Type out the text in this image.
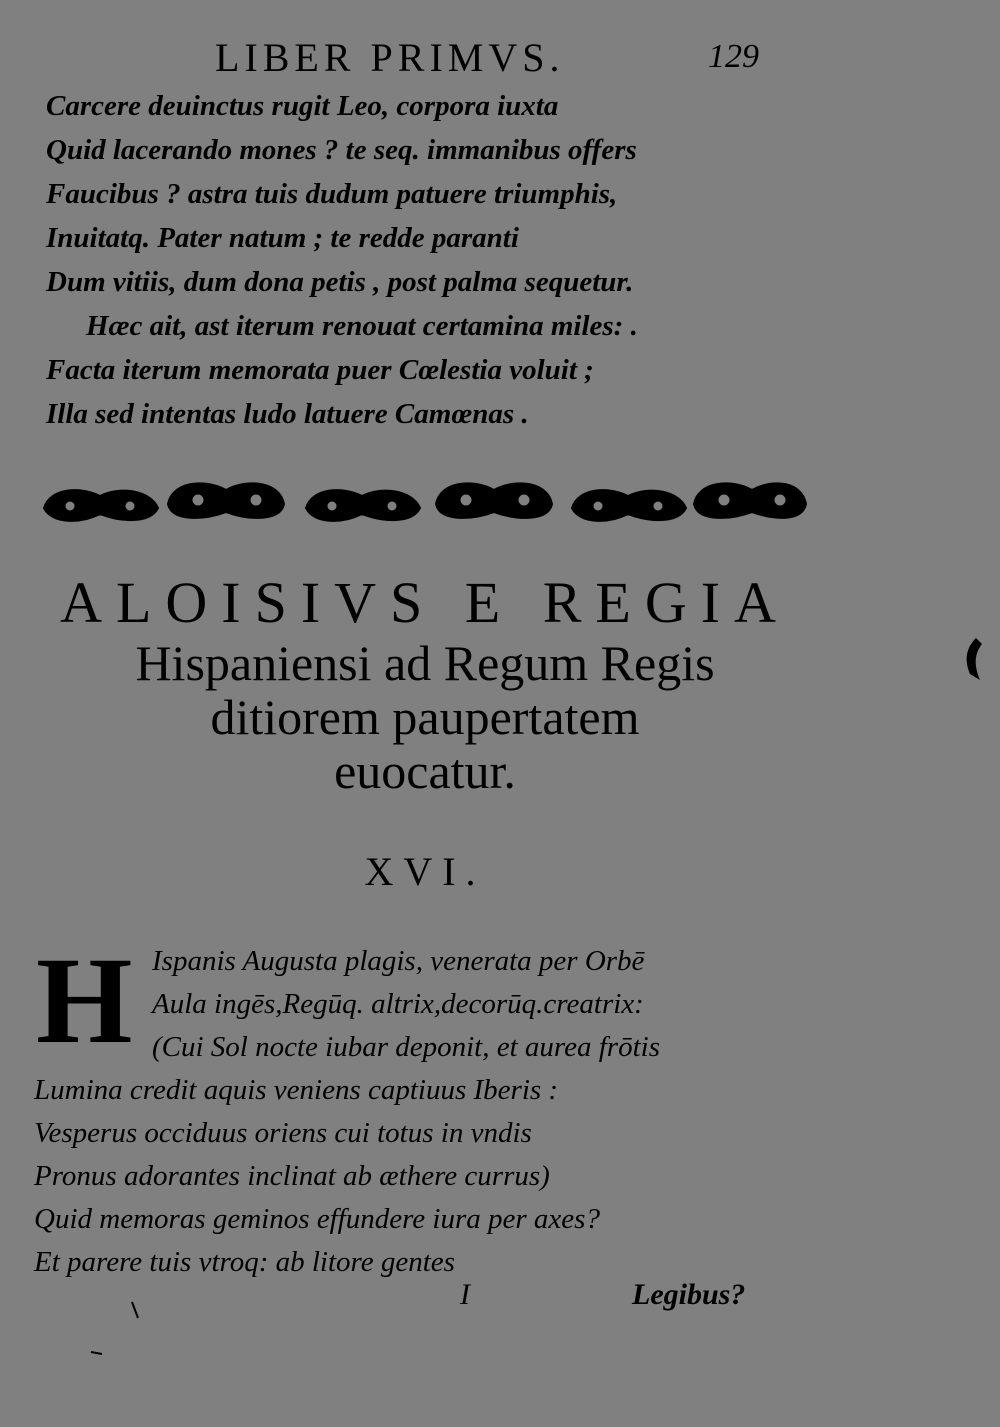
LIBER PRIMVS.	129
Carcere deuinctus rugit Leo, corpora iuxta
Quid lacerando mones ? te seq. immanibus offers
Faucibus ? astra tuis dudum patuere triumphis,
Inuitatq. Pater natum ; te redde paranti
Dum vitiis, dum dona petis , post palma sequetur.
Hæc ait, ast iterum renouat certamina miles: .
Facta iterum memorata puer Cœlestia voluit ;
Illa sed intentas ludo latuere Camœnas .
ALOISIVS E REGIA
Hispaniensi ad Regum Regis
ditiorem paupertatem
euocatur.
XVI.
H Ispanis Augusta plagis, venerata per Orbē
Aula ingēs,Regūq. altrix,decorūq.creatrix:
(Cui Sol nocte iubar deponit, et aurea frōtis
Lumina credit aquis veniens captiuus Iberis :
Vesperus occiduus oriens cui totus in vndis
Pronus adorantes inclinat ab æthere currus)
Quid memoras geminos effundere iura per axes?
Et parere tuis vtroq: ab litore gentes
I	Legibus?
